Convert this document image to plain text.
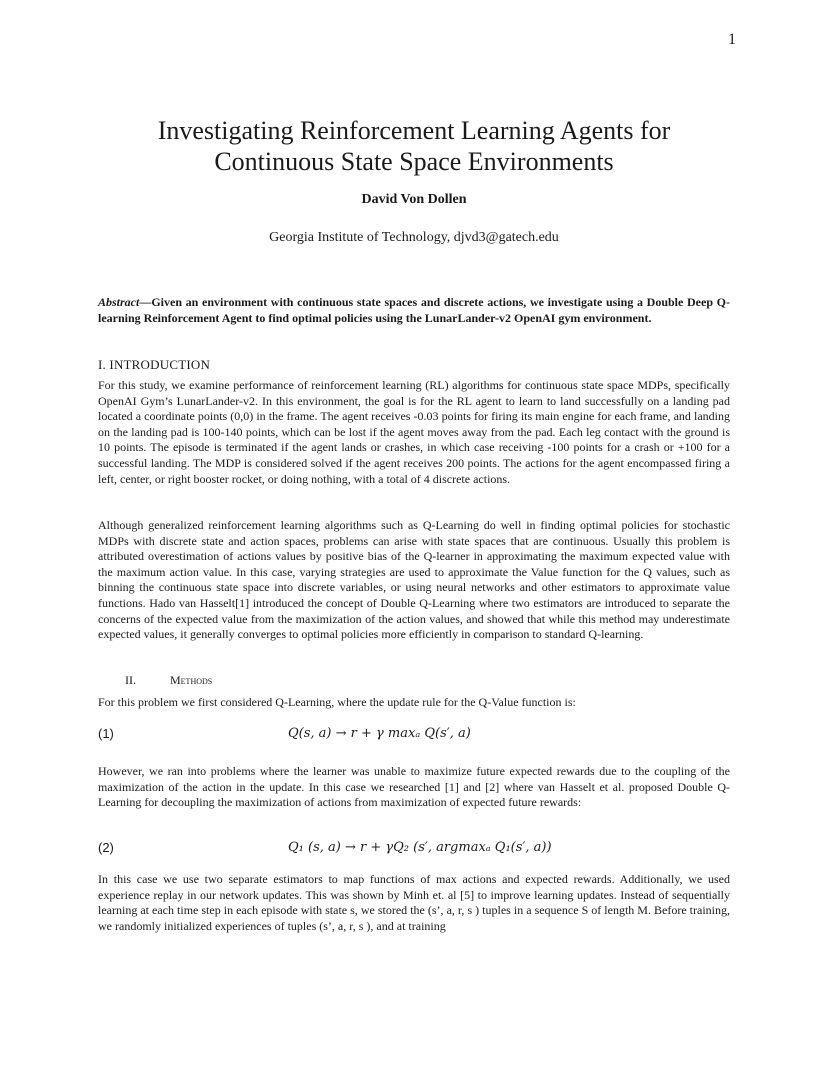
1
Investigating Reinforcement Learning Agents for
Continuous State Space Environments
David Von Dollen
Georgia Institute of Technology, djvd3@gatech.edu

Abstract—Given an environment with continuous state spaces and discrete actions, we investigate using a Double Deep Q-learning Reinforcement Agent to find optimal policies using the LunarLander-v2 OpenAI gym environment.

I. INTRODUCTION

For this study, we examine performance of reinforcement learning (RL) algorithms for continuous state space MDPs, specifically OpenAI Gym’s LunarLander-v2. In this environment, the goal is for the RL agent to learn to land successfully on a landing pad located a coordinate points (0,0) in the frame. The agent receives -0.03 points for firing its main engine for each frame, and landing on the landing pad is 100-140 points, which can be lost if the agent moves away from the pad. Each leg contact with the ground is 10 points. The episode is terminated if the agent lands or crashes, in which case receiving -100 points for a crash or +100 for a successful landing. The MDP is considered solved if the agent receives 200 points. The actions for the agent encompassed firing a left, center, or right booster rocket, or doing nothing, with a total of 4 discrete actions.

Although generalized reinforcement learning algorithms such as Q-Learning do well in finding optimal policies for stochastic MDPs with discrete state and action spaces, problems can arise with state spaces that are continuous. Usually this problem is attributed overestimation of actions values by positive bias of the Q-learner in approximating the maximum expected value with the maximum action value. In this case, varying strategies are used to approximate the Value function for the Q values, such as binning the continuous state space into discrete variables, or using neural networks and other estimators to approximate value functions. Hado van Hasselt[1] introduced the concept of Double Q-Learning where two estimators are introduced to separate the concerns of the expected value from the maximization of the action values, and showed that while this method may underestimate expected values, it generally converges to optimal policies more efficiently in comparison to standard Q-learning.

II.	Methods

For this problem we first considered Q-Learning, where the update rule for the Q-Value function is:

(1)	Q(s, a) → r + γ maxₐ Q(s′, a)

However, we ran into problems where the learner was unable to maximize future expected rewards due to the coupling of the maximization of the action in the update. In this case we researched [1] and [2] where van Hasselt et al. proposed Double Q-Learning for decoupling the maximization of actions from maximization of expected future rewards:

(2)	Q₁ (s, a) → r + γQ₂ (s′, argmaxₐ Q₁(s′, a))

In this case we use two separate estimators to map functions of max actions and expected rewards. Additionally, we used experience replay in our network updates. This was shown by Minh et. al [5] to improve learning updates. Instead of sequentially learning at each time step in each episode with state s, we stored the (s’, a, r, s ) tuples in a sequence S of length M. Before training, we randomly initialized experiences of tuples (s’, a, r, s ), and at training
